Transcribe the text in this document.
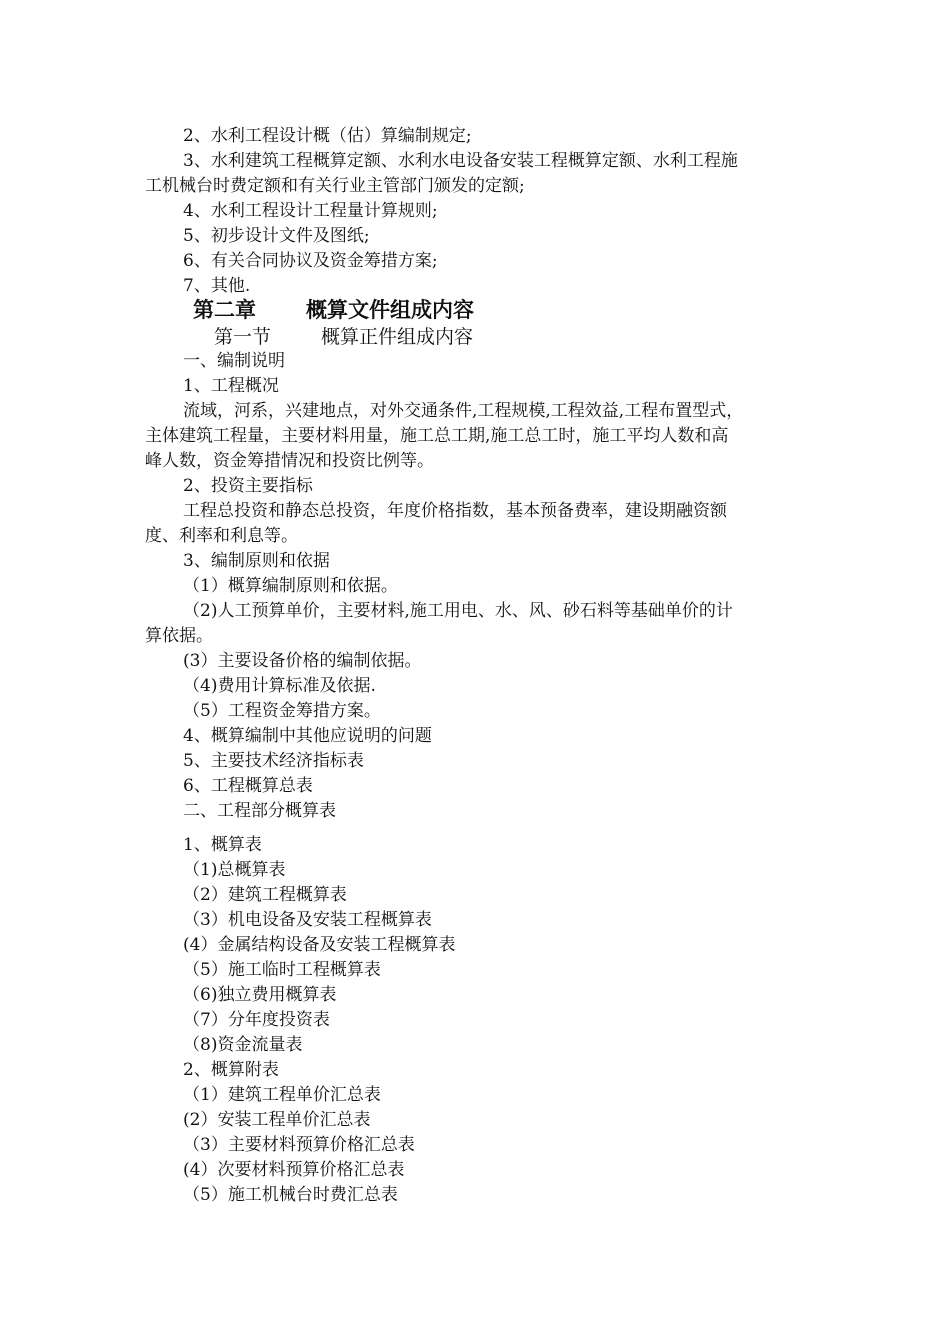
2、水利工程设计概（估）算编制规定;
3、水利建筑工程概算定额、水利水电设备安装工程概算定额、水利工程施
工机械台时费定额和有关行业主管部门颁发的定额;
4、水利工程设计工程量计算规则;
5、初步设计文件及图纸;
6、有关合同协议及资金筹措方案;
7、其他.
第二章 概算文件组成内容
第一节	概算正件组成内容
一、编制说明
1、工程概况
流域，河系，兴建地点，对外交通条件,工程规模,工程效益,工程布置型式，
主体建筑工程量，主要材料用量，施工总工期,施工总工时，施工平均人数和高
峰人数，资金筹措情况和投资比例等。
2、投资主要指标
工程总投资和静态总投资，年度价格指数，基本预备费率，建设期融资额
度、利率和利息等。
3、编制原则和依据
（1）概算编制原则和依据。
（2)人工预算单价，主要材料,施工用电、水、风、砂石料等基础单价的计
算依据。
(3）主要设备价格的编制依据。
（4)费用计算标准及依据.
（5）工程资金筹措方案。
4、概算编制中其他应说明的问题
5、主要技术经济指标表
6、工程概算总表
二、工程部分概算表
1、概算表
（1)总概算表
（2）建筑工程概算表
（3）机电设备及安装工程概算表
(4）金属结构设备及安装工程概算表
（5）施工临时工程概算表
（6)独立费用概算表
（7）分年度投资表
（8)资金流量表
2、概算附表
（1）建筑工程单价汇总表
(2）安装工程单价汇总表
（3）主要材料预算价格汇总表
(4）次要材料预算价格汇总表
（5）施工机械台时费汇总表
